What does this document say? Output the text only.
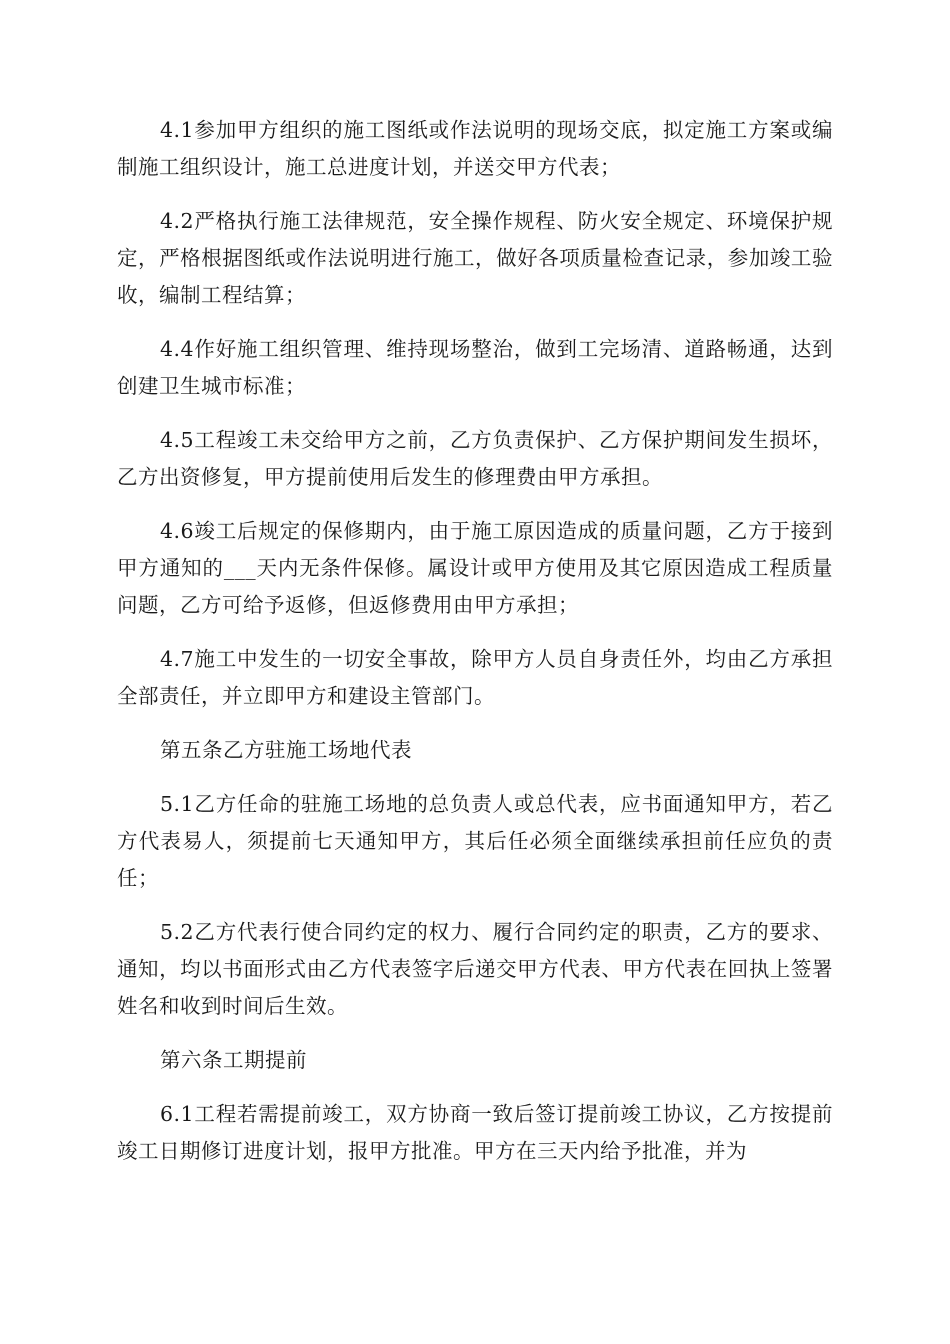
4.1参加甲方组织的施工图纸或作法说明的现场交底，拟定施工方案或编制施工组织设计，施工总进度计划，并送交甲方代表；

4.2严格执行施工法律规范，安全操作规程、防火安全规定、环境保护规定，严格根据图纸或作法说明进行施工，做好各项质量检查记录，参加竣工验收，编制工程结算；

4.4作好施工组织管理、维持现场整治，做到工完场清、道路畅通，达到创建卫生城市标准；

4.5工程竣工未交给甲方之前，乙方负责保护、乙方保护期间发生损坏，乙方出资修复，甲方提前使用后发生的修理费由甲方承担。

4.6竣工后规定的保修期内，由于施工原因造成的质量问题，乙方于接到甲方通知的___天内无条件保修。属设计或甲方使用及其它原因造成工程质量问题，乙方可给予返修，但返修费用由甲方承担；

4.7施工中发生的一切安全事故，除甲方人员自身责任外，均由乙方承担全部责任，并立即甲方和建设主管部门。

第五条乙方驻施工场地代表

5.1乙方任命的驻施工场地的总负责人或总代表，应书面通知甲方，若乙方代表易人，须提前七天通知甲方，其后任必须全面继续承担前任应负的责任；

5.2乙方代表行使合同约定的权力、履行合同约定的职责，乙方的要求、通知，均以书面形式由乙方代表签字后递交甲方代表、甲方代表在回执上签署姓名和收到时间后生效。

第六条工期提前

6.1工程若需提前竣工，双方协商一致后签订提前竣工协议，乙方按提前竣工日期修订进度计划，报甲方批准。甲方在三天内给予批准，并为
